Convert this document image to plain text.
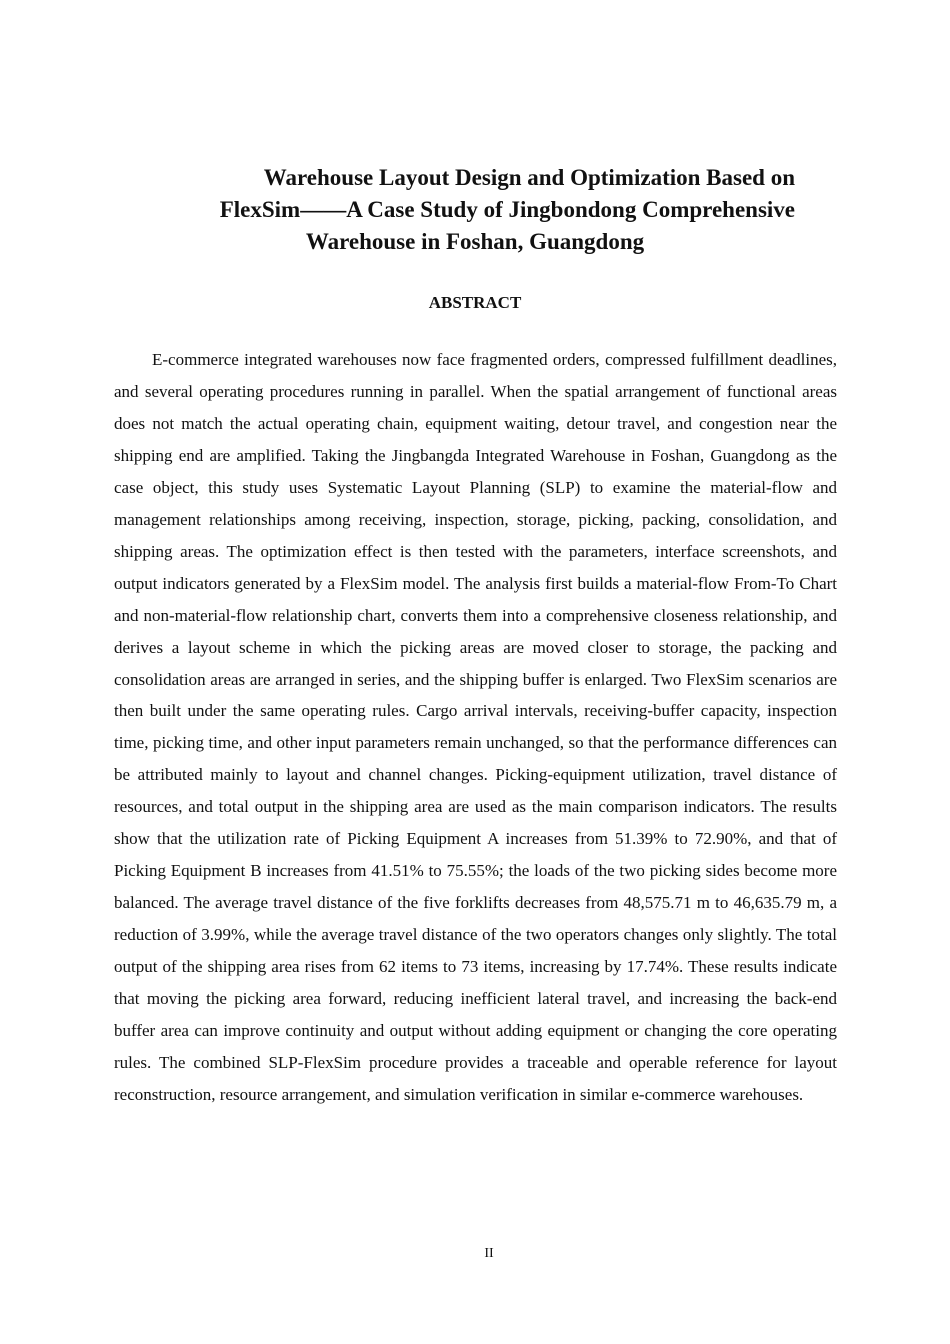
Warehouse Layout Design and Optimization Based on
FlexSim——A Case Study of Jingbondong Comprehensive
Warehouse in Foshan, Guangdong
ABSTRACT

E-commerce integrated warehouses now face fragmented orders, compressed fulfillment deadlines, and several operating procedures running in parallel. When the spatial arrangement of functional areas does not match the actual operating chain, equipment waiting, detour travel, and congestion near the shipping end are amplified. Taking the Jingbangda Integrated Warehouse in Foshan, Guangdong as the case object, this study uses Systematic Layout Planning (SLP) to examine the material-flow and management relationships among receiving, inspection, storage, picking, packing, consolidation, and shipping areas. The optimization effect is then tested with the parameters, interface screenshots, and output indicators generated by a FlexSim model. The analysis first builds a material-flow From-To Chart and non-material-flow relationship chart, converts them into a comprehensive closeness relationship, and derives a layout scheme in which the picking areas are moved closer to storage, the packing and consolidation areas are arranged in series, and the shipping buffer is enlarged. Two FlexSim scenarios are then built under the same operating rules. Cargo arrival intervals, receiving-buffer capacity, inspection time, picking time, and other input parameters remain unchanged, so that the performance differences can be attributed mainly to layout and channel changes. Picking-equipment utilization, travel distance of resources, and total output in the shipping area are used as the main comparison indicators. The results show that the utilization rate of Picking Equipment A increases from 51.39% to 72.90%, and that of Picking Equipment B increases from 41.51% to 75.55%; the loads of the two picking sides become more balanced. The average travel distance of the five forklifts decreases from 48,575.71 m to 46,635.79 m, a reduction of 3.99%, while the average travel distance of the two operators changes only slightly. The total output of the shipping area rises from 62 items to 73 items, increasing by 17.74%. These results indicate that moving the picking area forward, reducing inefficient lateral travel, and increasing the back-end buffer area can improve continuity and output without adding equipment or changing the core operating rules. The combined SLP-FlexSim procedure provides a traceable and operable reference for layout reconstruction, resource arrangement, and simulation verification in similar e-commerce warehouses.

II
